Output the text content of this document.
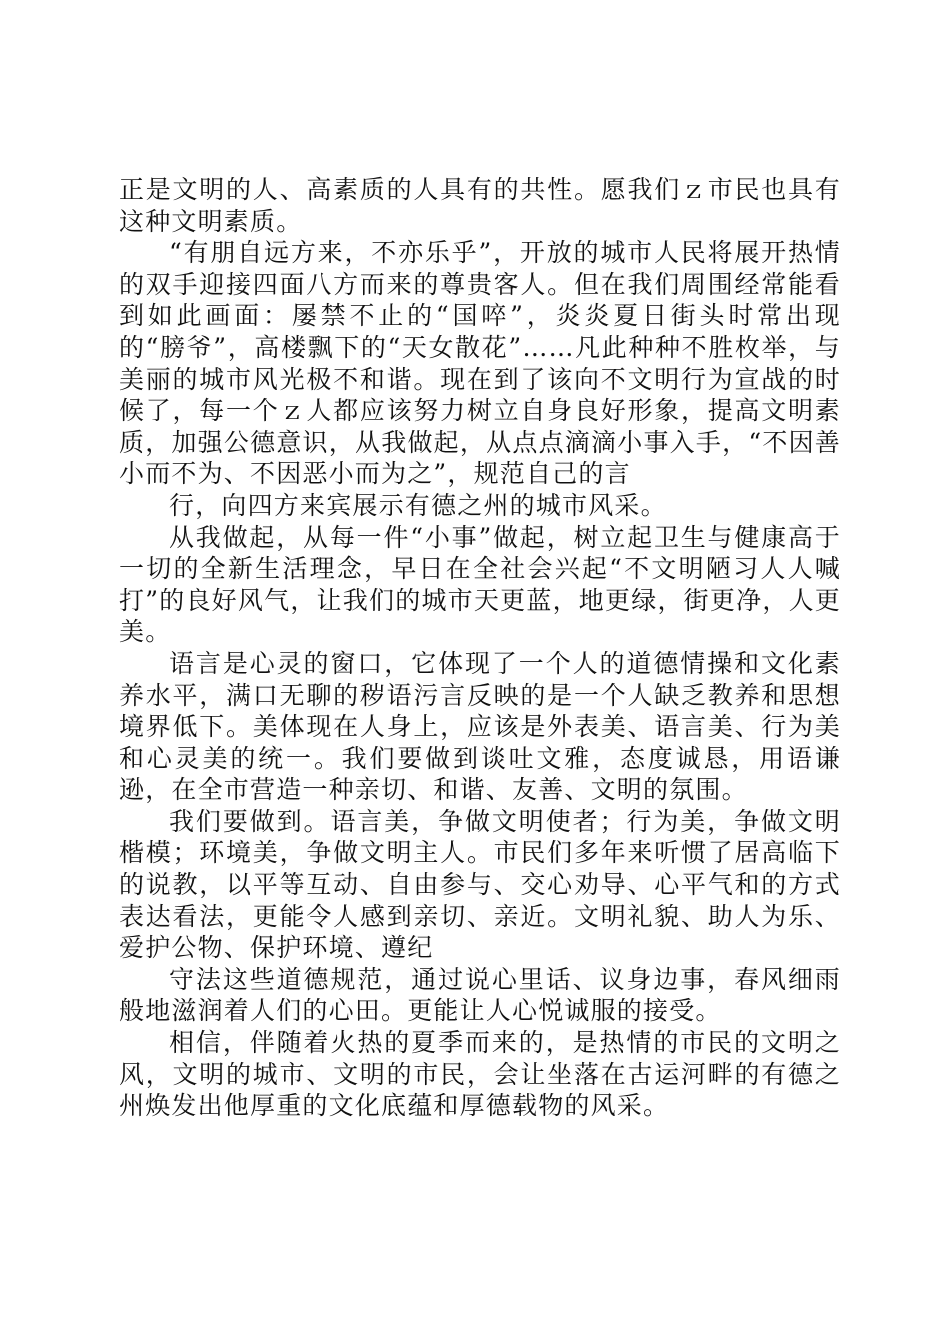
正是文明的人、高素质的人具有的共性。愿我们ｚ市民也具有这种文明素质。

“有朋自远方来，不亦乐乎”，开放的城市人民将展开热情的双手迎接四面八方而来的尊贵客人。但在我们周围经常能看到如此画面：屡禁不止的“国啐”，炎炎夏日街头时常出现的“膀爷”，高楼飘下的“天女散花”……凡此种种不胜枚举，与美丽的城市风光极不和谐。现在到了该向不文明行为宣战的时候了，每一个ｚ人都应该努力树立自身良好形象，提高文明素质，加强公德意识，从我做起，从点点滴滴小事入手，“不因善小而不为、不因恶小而为之”，规范自己的言

行，向四方来宾展示有德之州的城市风采。

从我做起，从每一件“小事”做起，树立起卫生与健康高于一切的全新生活理念，早日在全社会兴起“不文明陋习人人喊打”的良好风气，让我们的城市天更蓝，地更绿，街更净，人更美。

语言是心灵的窗口，它体现了一个人的道德情操和文化素养水平，满口无聊的秽语污言反映的是一个人缺乏教养和思想境界低下。美体现在人身上，应该是外表美、语言美、行为美和心灵美的统一。我们要做到谈吐文雅，态度诚恳，用语谦逊，在全市营造一种亲切、和谐、友善、文明的氛围。

我们要做到。语言美，争做文明使者；行为美，争做文明楷模；环境美，争做文明主人。市民们多年来听惯了居高临下的说教，以平等互动、自由参与、交心劝导、心平气和的方式表达看法，更能令人感到亲切、亲近。文明礼貌、助人为乐、爱护公物、保护环境、遵纪

守法这些道德规范，通过说心里话、议身边事，春风细雨般地滋润着人们的心田。更能让人心悦诚服的接受。

相信，伴随着火热的夏季而来的，是热情的市民的文明之风，文明的城市、文明的市民，会让坐落在古运河畔的有德之州焕发出他厚重的文化底蕴和厚德载物的风采。
